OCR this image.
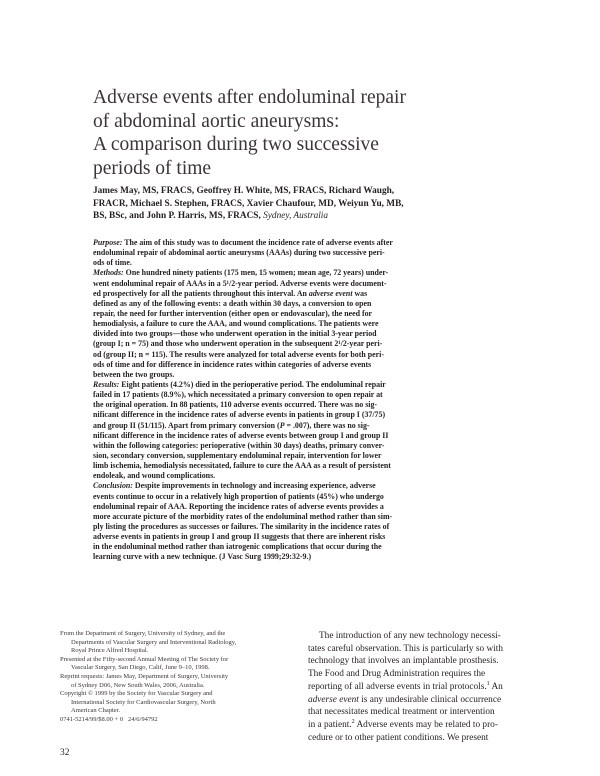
Adverse events after endoluminal repair
of abdominal aortic aneurysms:
A comparison during two successive
periods of time
James May, MS, FRACS, Geoffrey H. White, MS, FRACS, Richard Waugh,
FRACR, Michael S. Stephen, FRACS, Xavier Chaufour, MD, Weiyun Yu, MB,
BS, BSc, and John P. Harris, MS, FRACS, Sydney, Australia
Purpose: The aim of this study was to document the incidence rate of adverse events after
endoluminal repair of abdominal aortic aneurysms (AAAs) during two successive peri-
ods of time.
Methods: One hundred ninety patients (175 men, 15 women; mean age, 72 years) under-
went endoluminal repair of AAAs in a 5¹/2-year period. Adverse events were document-
ed prospectively for all the patients throughout this interval. An adverse event was
defined as any of the following events: a death within 30 days, a conversion to open
repair, the need for further intervention (either open or endovascular), the need for
hemodialysis, a failure to cure the AAA, and wound complications. The patients were
divided into two groups—those who underwent operation in the initial 3-year period
(group I; n = 75) and those who underwent operation in the subsequent 2¹/2-year peri-
od (group II; n = 115). The results were analyzed for total adverse events for both peri-
ods of time and for difference in incidence rates within categories of adverse events
between the two groups.
Results: Eight patients (4.2%) died in the perioperative period. The endoluminal repair
failed in 17 patients (8.9%), which necessitated a primary conversion to open repair at
the original operation. In 88 patients, 110 adverse events occurred. There was no sig-
nificant difference in the incidence rates of adverse events in patients in group I (37/75)
and group II (51/115). Apart from primary conversion (P = .007), there was no sig-
nificant difference in the incidence rates of adverse events between group I and group II
within the following categories: perioperative (within 30 days) deaths, primary conver-
sion, secondary conversion, supplementary endoluminal repair, intervention for lower
limb ischemia, hemodialysis necessitated, failure to cure the AAA as a result of persistent
endoleak, and wound complications.
Conclusion: Despite improvements in technology and increasing experience, adverse
events continue to occur in a relatively high proportion of patients (45%) who undergo
endoluminal repair of AAA. Reporting the incidence rates of adverse events provides a
more accurate picture of the morbidity rates of the endoluminal method rather than sim-
ply listing the procedures as successes or failures. The similarity in the incidence rates of
adverse events in patients in group I and group II suggests that there are inherent risks
in the endoluminal method rather than iatrogenic complications that occur during the
learning curve with a new technique. (J Vasc Surg 1999;29:32-9.)
From the Department of Surgery, University of Sydney, and the
Departments of Vascular Surgery and Interventional Radiology,
Royal Prince Alfred Hospital.
Presented at the Fifty-second Annual Meeting of The Society for
Vascular Surgery, San Diego, Calif, June 9–10, 1998.
Reprint requests: James May, Department of Surgery, University
of Sydney D06, New South Wales, 2006, Australia.
Copyright © 1999 by the Society for Vascular Surgery and
International Society for Cardiovascular Surgery, North
American Chapter.
0741-5214/99/$8.00 + 0 24/6/94792
The introduction of any new technology necessi-
tates careful observation. This is particularly so with
technology that involves an implantable prosthesis.
The Food and Drug Administration requires the
reporting of all adverse events in trial protocols.$^1$ An
adverse event is any undesirable clinical occurrence
that necessitates medical treatment or intervention
in a patient.$^2$ Adverse events may be related to pro-
cedure or to other patient conditions. We present
32
